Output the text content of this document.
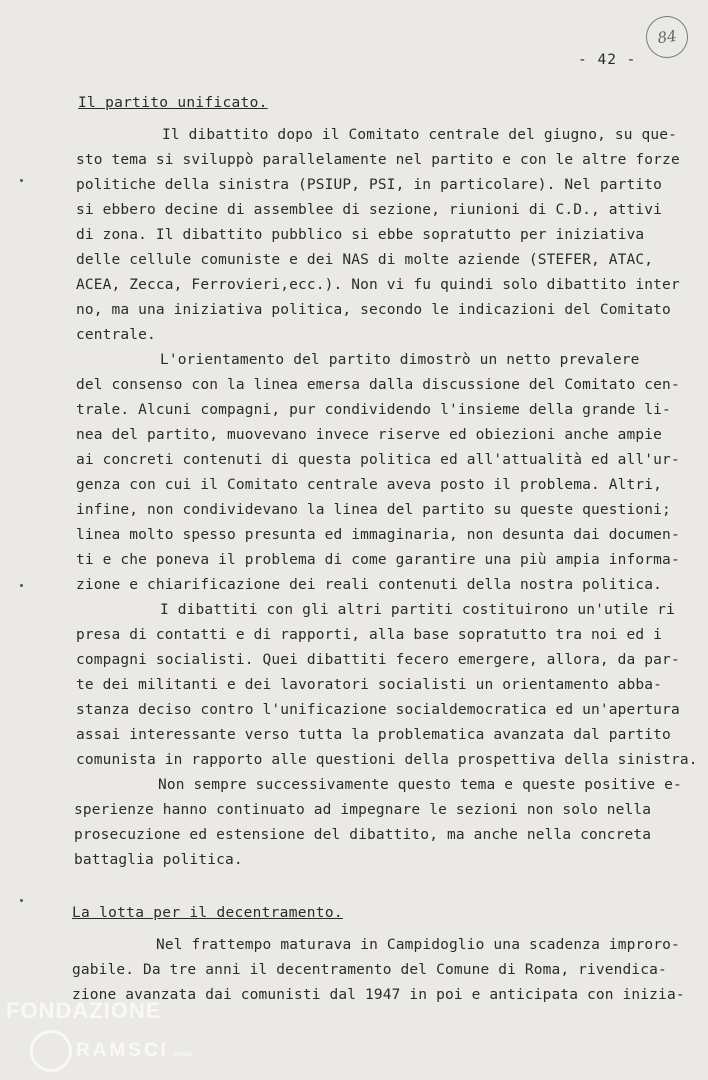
84
- 42 -
Il partito unificato.
Il dibattito dopo il Comitato centrale del giugno, su que-
sto tema si sviluppò parallelamente nel partito e con le altre forze
politiche della sinistra (PSIUP, PSI, in particolare). Nel partito
si ebbero decine di assemblee di sezione, riunioni di C.D., attivi
di zona. Il dibattito pubblico si ebbe sopratutto per iniziativa
delle cellule comuniste e dei NAS di molte aziende (STEFER, ATAC,
ACEA, Zecca, Ferrovieri,ecc.). Non vi fu quindi solo dibattito inter
no, ma una iniziativa politica, secondo le indicazioni del Comitato
centrale.
L'orientamento del partito dimostrò un netto prevalere
del consenso con la linea emersa dalla discussione del Comitato cen-
trale. Alcuni compagni, pur condividendo l'insieme della grande li-
nea del partito, muovevano invece riserve ed obiezioni anche ampie
ai concreti contenuti di questa politica ed all'attualità ed all'ur-
genza con cui il Comitato centrale aveva posto il problema. Altri,
infine, non condividevano la linea del partito su queste questioni;
linea molto spesso presunta ed immaginaria, non desunta dai documen-
ti e che poneva il problema di come garantire una più ampia informa-
zione e chiarificazione dei reali contenuti della nostra politica.
I dibattiti con gli altri partiti costituirono un'utile ri
presa di contatti e di rapporti, alla base sopratutto tra noi ed i
compagni socialisti. Quei dibattiti fecero emergere, allora, da par-
te dei militanti e dei lavoratori socialisti un orientamento abba-
stanza deciso contro l'unificazione socialdemocratica ed un'apertura
assai interessante verso tutta la problematica avanzata dal partito
comunista in rapporto alle questioni della prospettiva della sinistra.
Non sempre successivamente questo tema e queste positive e-
sperienze hanno continuato ad impegnare le sezioni non solo nella
prosecuzione ed estensione del dibattito, ma anche nella concreta
battaglia politica.
La lotta per il decentramento.
Nel frattempo maturava in Campidoglio una scadenza improro-
gabile. Da tre anni il decentramento del Comune di Roma, rivendica-
zione avanzata dai comunisti dal 1947 in poi e anticipata con inizia-
FONDAZIONE
RAMSCI onlus
